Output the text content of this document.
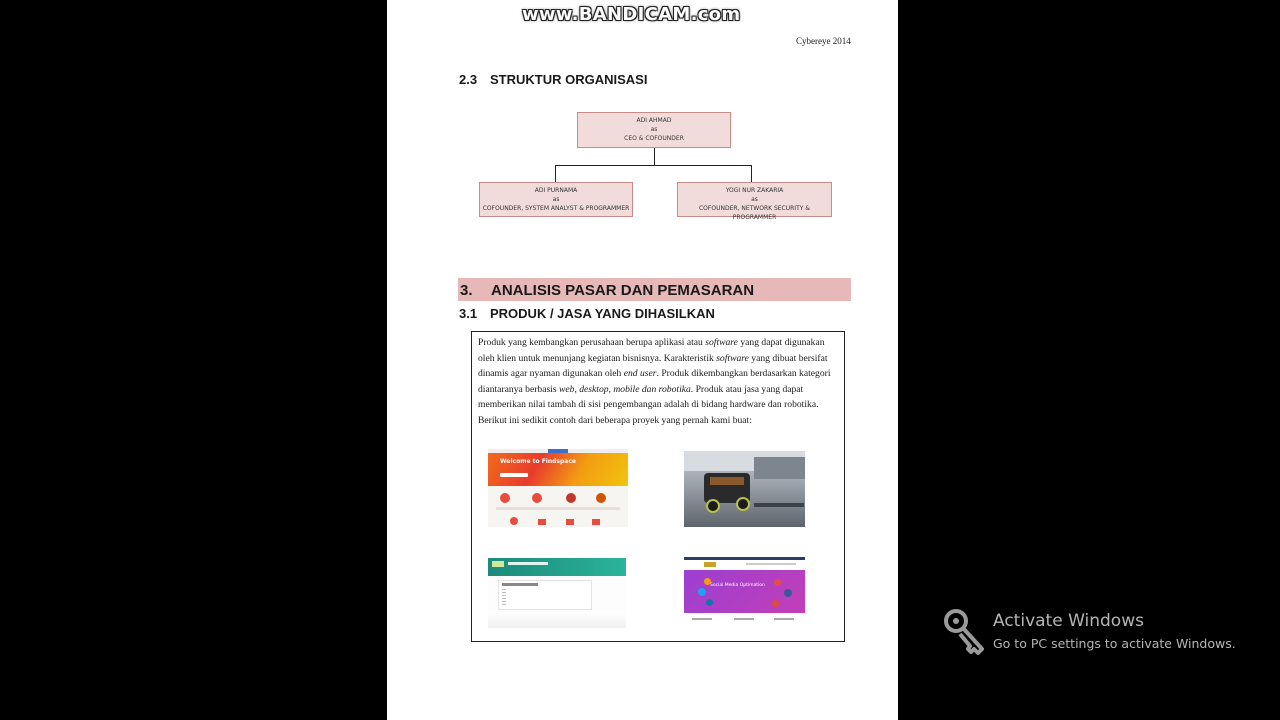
www.BANDICAM.com
Cybereye 2014
2.3 STRUKTUR ORGANISASI
ADI AHMAD
as
CEO & COFOUNDER
ADI PURNAMA
as
COFOUNDER, SYSTEM ANALYST & PROGRAMMER
YOGI NUR ZAKARIA
as
COFOUNDER, NETWORK SECURITY & PROGRAMMER
3. ANALISIS PASAR DAN PEMASARAN
3.1 PRODUK / JASA YANG DIHASILKAN
Produk yang kembangkan perusahaan berupa aplikasi atau software yang dapat digunakan oleh klien untuk menunjang kegiatan bisnisnya. Karakteristik software yang dibuat bersifat dinamis agar nyaman digunakan oleh end user. Produk dikembangkan berdasarkan kategori diantaranya berbasis web, desktop, mobile dan robotika. Produk atau jasa yang dapat memberikan nilai tambah di sisi pengembangan adalah di bidang hardware dan robotika. Berikut ini sedikit contoh dari beberapa proyek yang pernah kami buat:
Welcome to Findspace
Social Media Optimation
Activate Windows
Go to PC settings to activate Windows.
